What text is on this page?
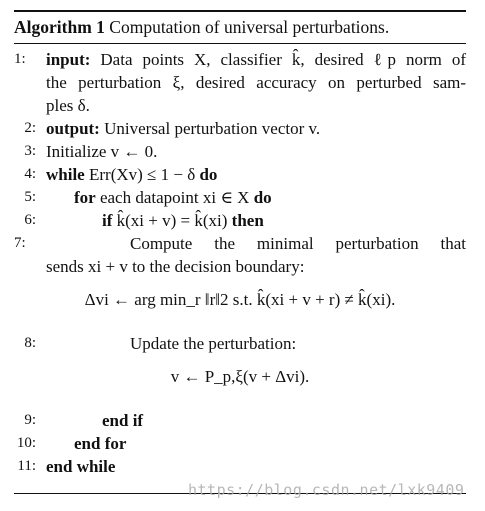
Algorithm 1 Computation of universal perturbations.
1:	input: Data points X, classifier k̂, desired ℓp norm of
the perturbation ξ, desired accuracy on perturbed sam-
ples δ.
2: output: Universal perturbation vector v.
3: Initialize v ← 0.
4: while Err(Xv) ≤ 1 − δ do
5: for each datapoint xi ∈ X do
6:	if k̂(xi + v) = k̂(xi) then
7:	Compute the minimal perturbation that
sends xi + v to the decision boundary:
Δvi ← arg min_r ‖r‖2 s.t. k̂(xi + v + r) ≠ k̂(xi).
8:	Update the perturbation:
v ← P_p,ξ(v + Δvi).
9:	end if
10: end for
11: end while
https://blog.csdn.net/lxk9409
